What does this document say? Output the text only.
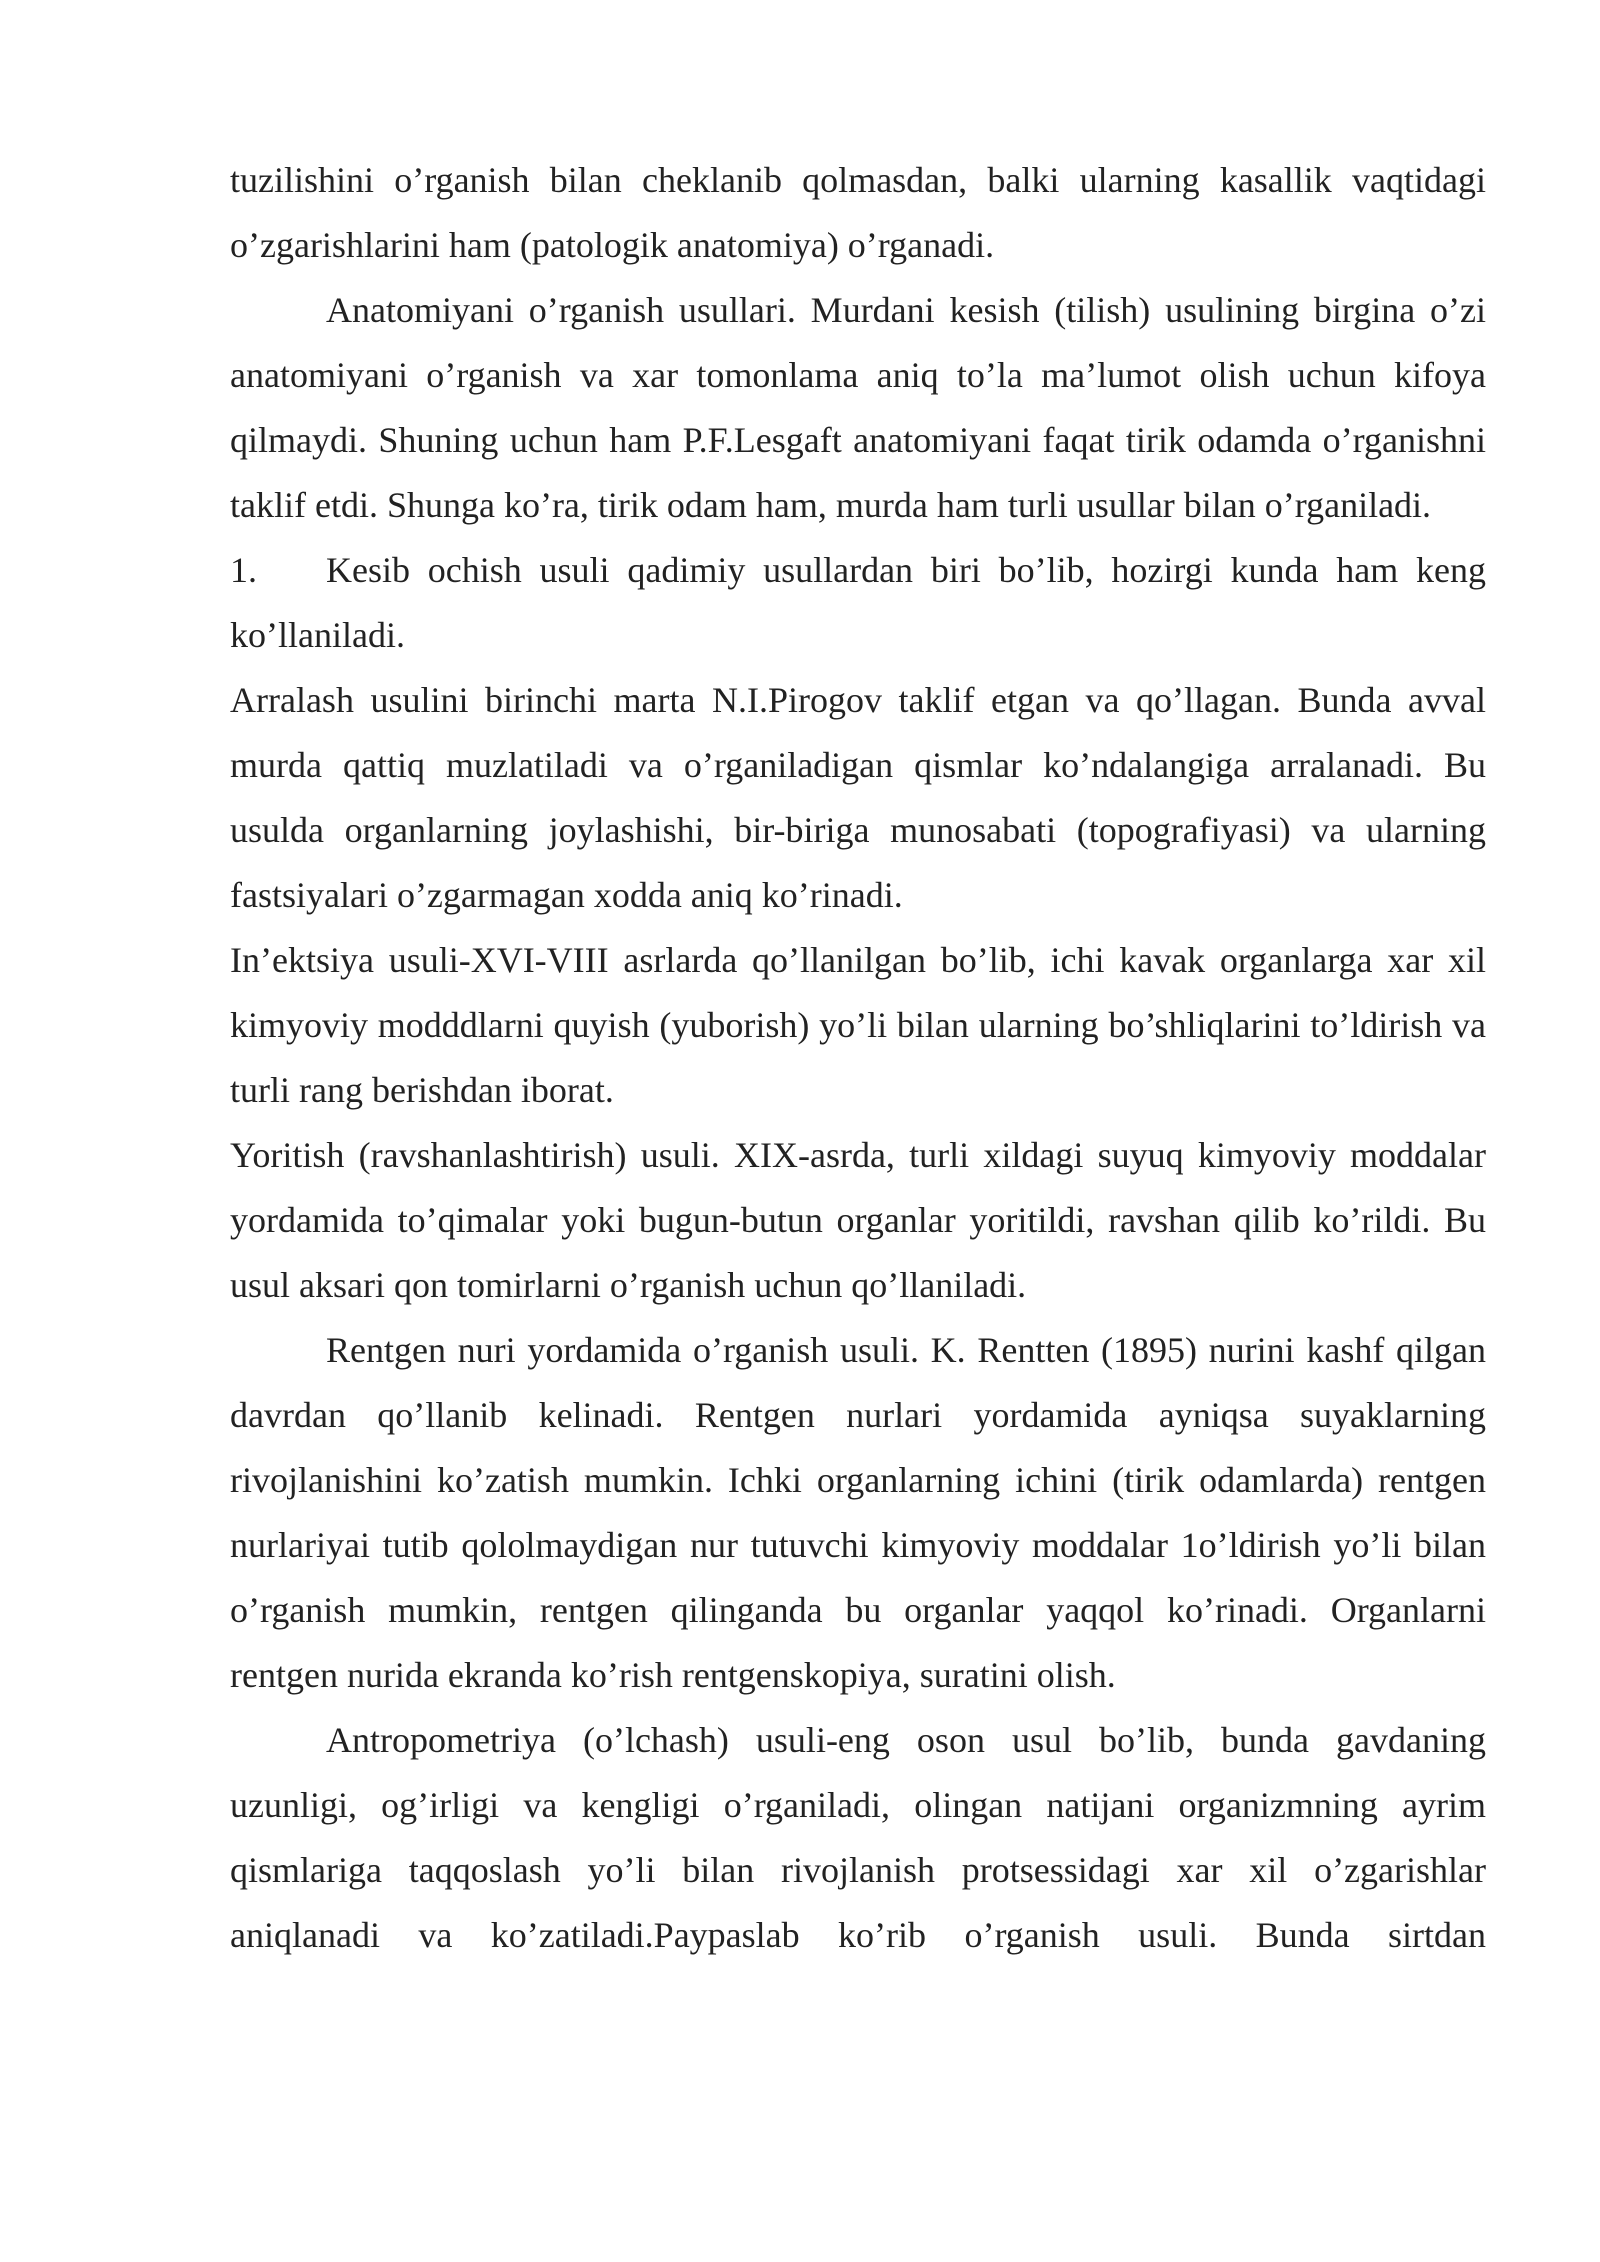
tuzilishini o’rganish bilan cheklanib qolmasdan, balki ularning kasallik vaqtidagi o’zgarishlarini ham (patologik anatomiya) o’rganadi.

Anatomiyani o’rganish usullari. Murdani kesish (tilish) usulining birgina o’zi anatomiyani o’rganish va xar tomonlama aniq to’la ma’lumot olish uchun kifoya qilmaydi. Shuning uchun ham P.F.Lesgaft anatomiyani faqat tirik odamda o’rganishni taklif etdi. Shunga ko’ra, tirik odam ham, murda ham turli usullar bilan o’rganiladi.

1. Kesib ochish usuli qadimiy usullardan biri bo’lib, hozirgi kunda ham keng ko’llaniladi.

Arralash usulini birinchi marta N.I.Pirogov taklif etgan va qo’llagan. Bunda avval murda qattiq muzlatiladi va o’rganiladigan qismlar ko’ndalangiga arralanadi. Bu usulda organlarning joylashishi, bir-biriga munosabati (topografiyasi) va ularning fastsiyalari o’zgarmagan xodda aniq ko’rinadi.

In’ektsiya usuli-XVI-VIII asrlarda qo’llanilgan bo’lib, ichi kavak organlarga xar xil kimyoviy modddlarni quyish (yuborish) yo’li bilan ularning bo’shliqlarini to’ldirish va turli rang berishdan iborat.

Yoritish (ravshanlashtirish) usuli. XIX-asrda, turli xildagi suyuq kimyoviy moddalar yordamida to’qimalar yoki bugun-butun organlar yoritildi, ravshan qilib ko’rildi. Bu usul aksari qon tomirlarni o’rganish uchun qo’llaniladi.

Rentgen nuri yordamida o’rganish usuli. K. Rentten (1895) nurini kashf qilgan davrdan qo’llanib kelinadi. Rentgen nurlari yordamida ayniqsa suyaklarning rivojlanishini ko’zatish mumkin. Ichki organlarning ichini (tirik odamlarda) rentgen nurlariyai tutib qololmaydigan nur tutuvchi kimyoviy moddalar 1o’ldirish yo’li bilan o’rganish mumkin, rentgen qilinganda bu organlar yaqqol ko’rinadi. Organlarni rentgen nurida ekranda ko’rish rentgenskopiya, suratini olish.

Antropometriya (o’lchash) usuli-eng oson usul bo’lib, bunda gavdaning uzunligi, og’irligi va kengligi o’rganiladi, olingan natijani organizmning ayrim qismlariga taqqoslash yo’li bilan rivojlanish protsessidagi xar xil o’zgarishlar aniqlanadi va ko’zatiladi.Paypaslab ko’rib o’rganish usuli. Bunda sirtdan
